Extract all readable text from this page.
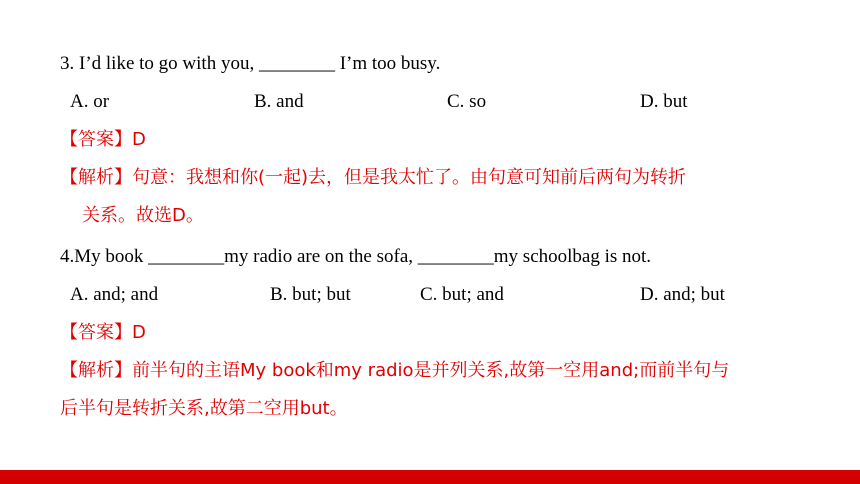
3. I’d like to go with you, ________ I’m too busy.
A. or	B. and	C. so	D. but
【答案】D
【解析】句意：我想和你(一起)去，但是我太忙了。由句意可知前后两句为转折
关系。故选D。
4.My book ________my radio are on the sofa, ________my schoolbag is not.
A. and; and	B. but; but	C. but; and	D. and; but
【答案】D
【解析】前半句的主语My book和my radio是并列关系,故第一空用and;而前半句与
后半句是转折关系,故第二空用but。
